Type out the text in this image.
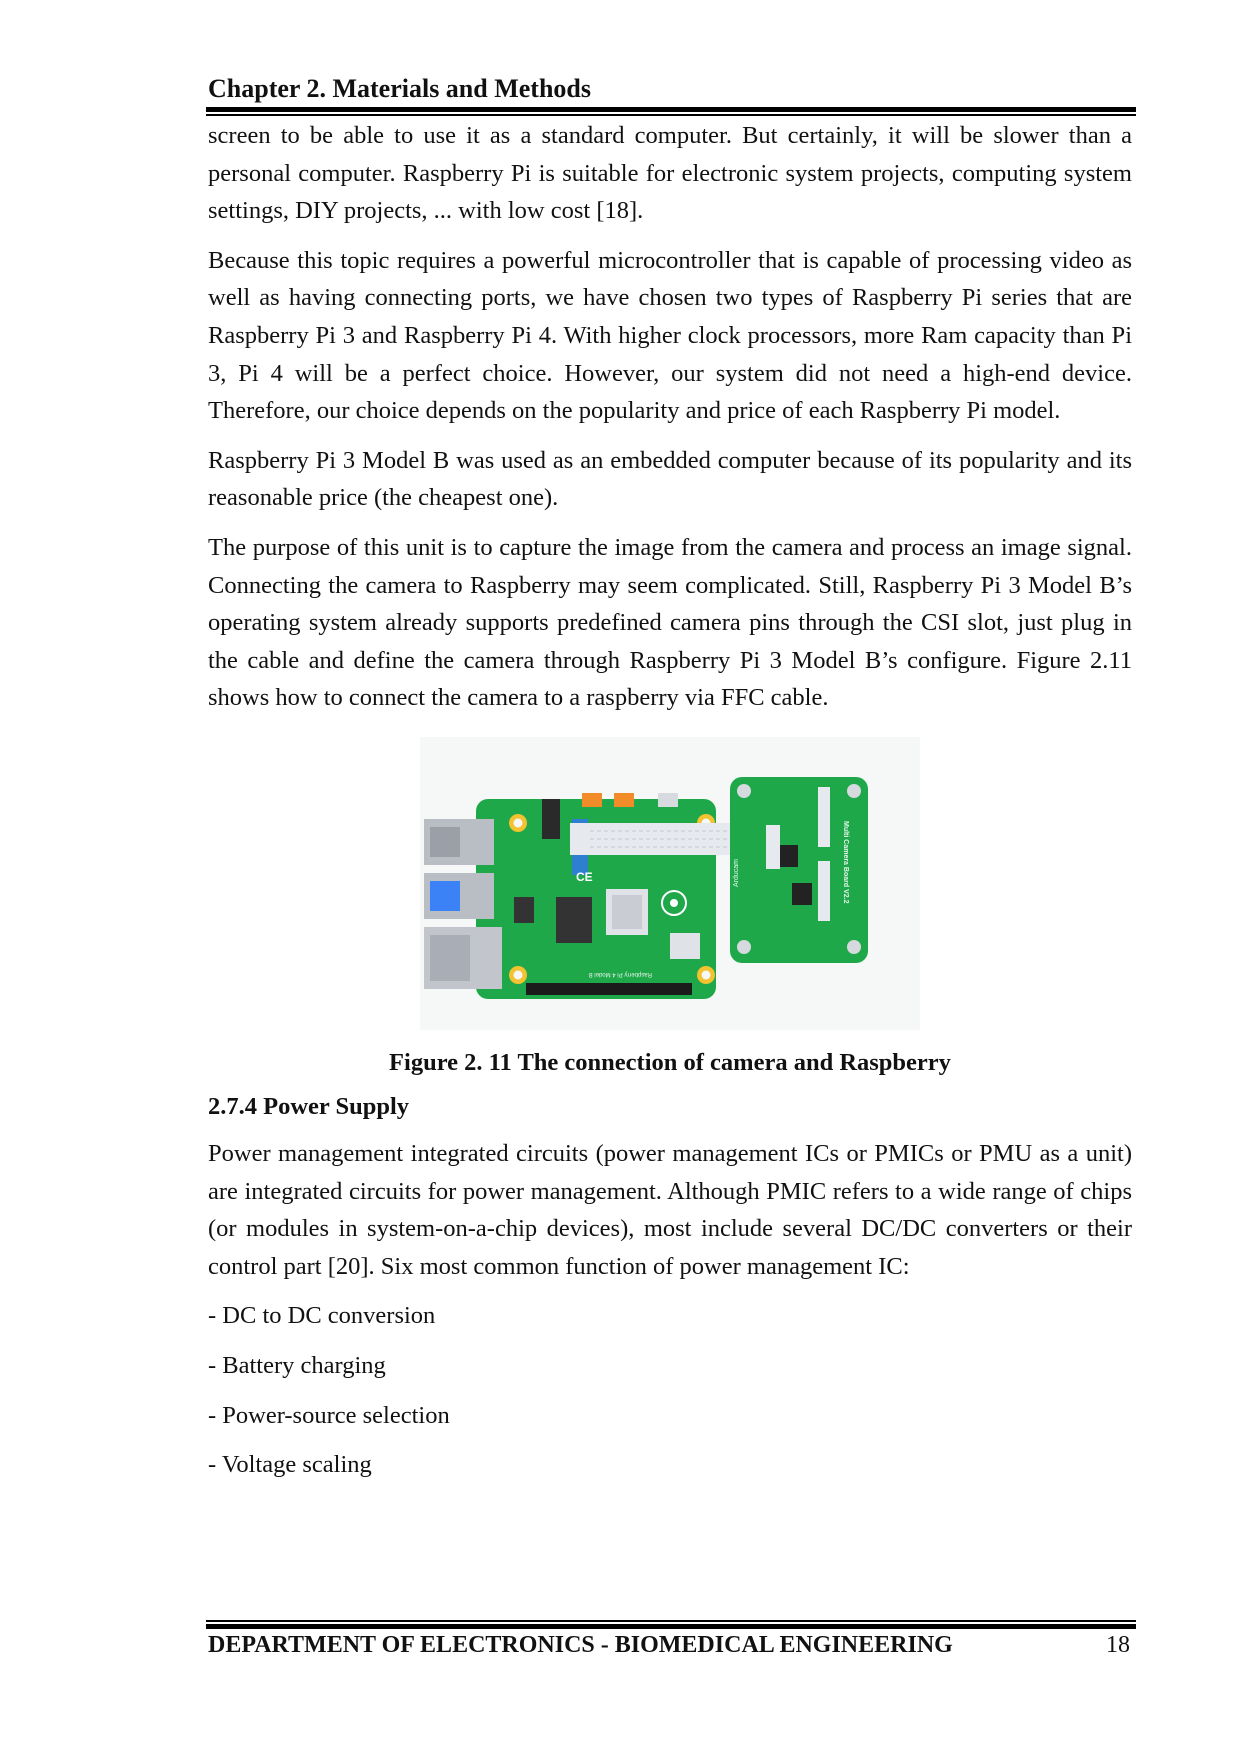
Chapter 2. Materials and Methods

screen to be able to use it as a standard computer. But certainly, it will be slower than a personal computer. Raspberry Pi is suitable for electronic system projects, computing system settings, DIY projects, ... with low cost [18].

Because this topic requires a powerful microcontroller that is capable of processing video as well as having connecting ports, we have chosen two types of Raspberry Pi series that are Raspberry Pi 3 and Raspberry Pi 4. With higher clock processors, more Ram capacity than Pi 3, Pi 4 will be a perfect choice. However, our system did not need a high-end device. Therefore, our choice depends on the popularity and price of each Raspberry Pi model.

Raspberry Pi 3 Model B was used as an embedded computer because of its popularity and its reasonable price (the cheapest one).

The purpose of this unit is to capture the image from the camera and process an image signal. Connecting the camera to Raspberry may seem complicated. Still, Raspberry Pi 3 Model B’s operating system already supports predefined camera pins through the CSI slot, just plug in the cable and define the camera through Raspberry Pi 3 Model B’s configure. Figure 2.11 shows how to connect the camera to a raspberry via FFC cable.

CE
Raspberry Pi 4 Model B
Multi Camera Board V2.2
Arducam
Figure 2. 11 The connection of camera and Raspberry
2.7.4 Power Supply

Power management integrated circuits (power management ICs or PMICs or PMU as a unit) are integrated circuits for power management. Although PMIC refers to a wide range of chips (or modules in system-on-a-chip devices), most include several DC/DC converters or their control part [20]. Six most common function of power management IC:

- DC to DC conversion
- Battery charging
- Power-source selection
- Voltage scaling
DEPARTMENT OF ELECTRONICS - BIOMEDICAL ENGINEERING	18
